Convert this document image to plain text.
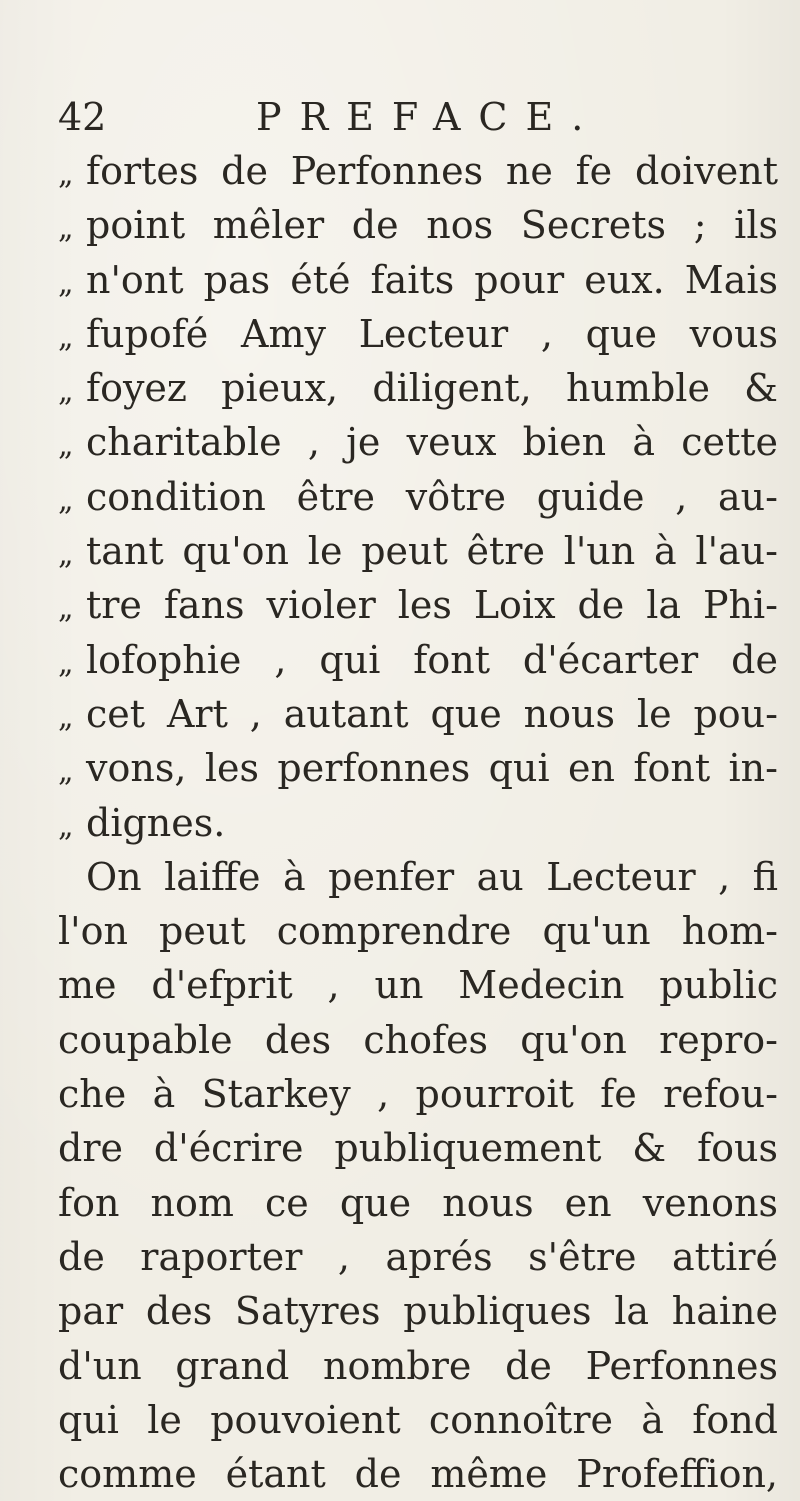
42	PREFACE.
„ fortes de Perfonnes ne fe doivent
„ point mêler de nos Secrets ; ils
„ n'ont pas été faits pour eux. Mais
„ fupofé Amy Lecteur , que vous
„ foyez pieux, diligent, humble &
„ charitable , je veux bien à cette
„ condition être vôtre guide , au-
„ tant qu'on le peut être l'un à l'au-
„ tre fans violer les Loix de la Phi-
„ lofophie , qui font d'écarter de
„ cet Art , autant que nous le pou-
„ vons, les perfonnes qui en font in-
„ dignes.
On laiffe à penfer au Lecteur , fi
l'on peut comprendre qu'un hom-
me d'efprit , un Medecin public
coupable des chofes qu'on repro-
che à Starkey , pourroit fe refou-
dre d'écrire publiquement & fous
fon nom ce que nous en venons
de raporter , aprés s'être attiré
par des Satyres publiques la haine
d'un grand nombre de Perfonnes
qui le pouvoient connoître à fond
comme étant de même Profeffion,
